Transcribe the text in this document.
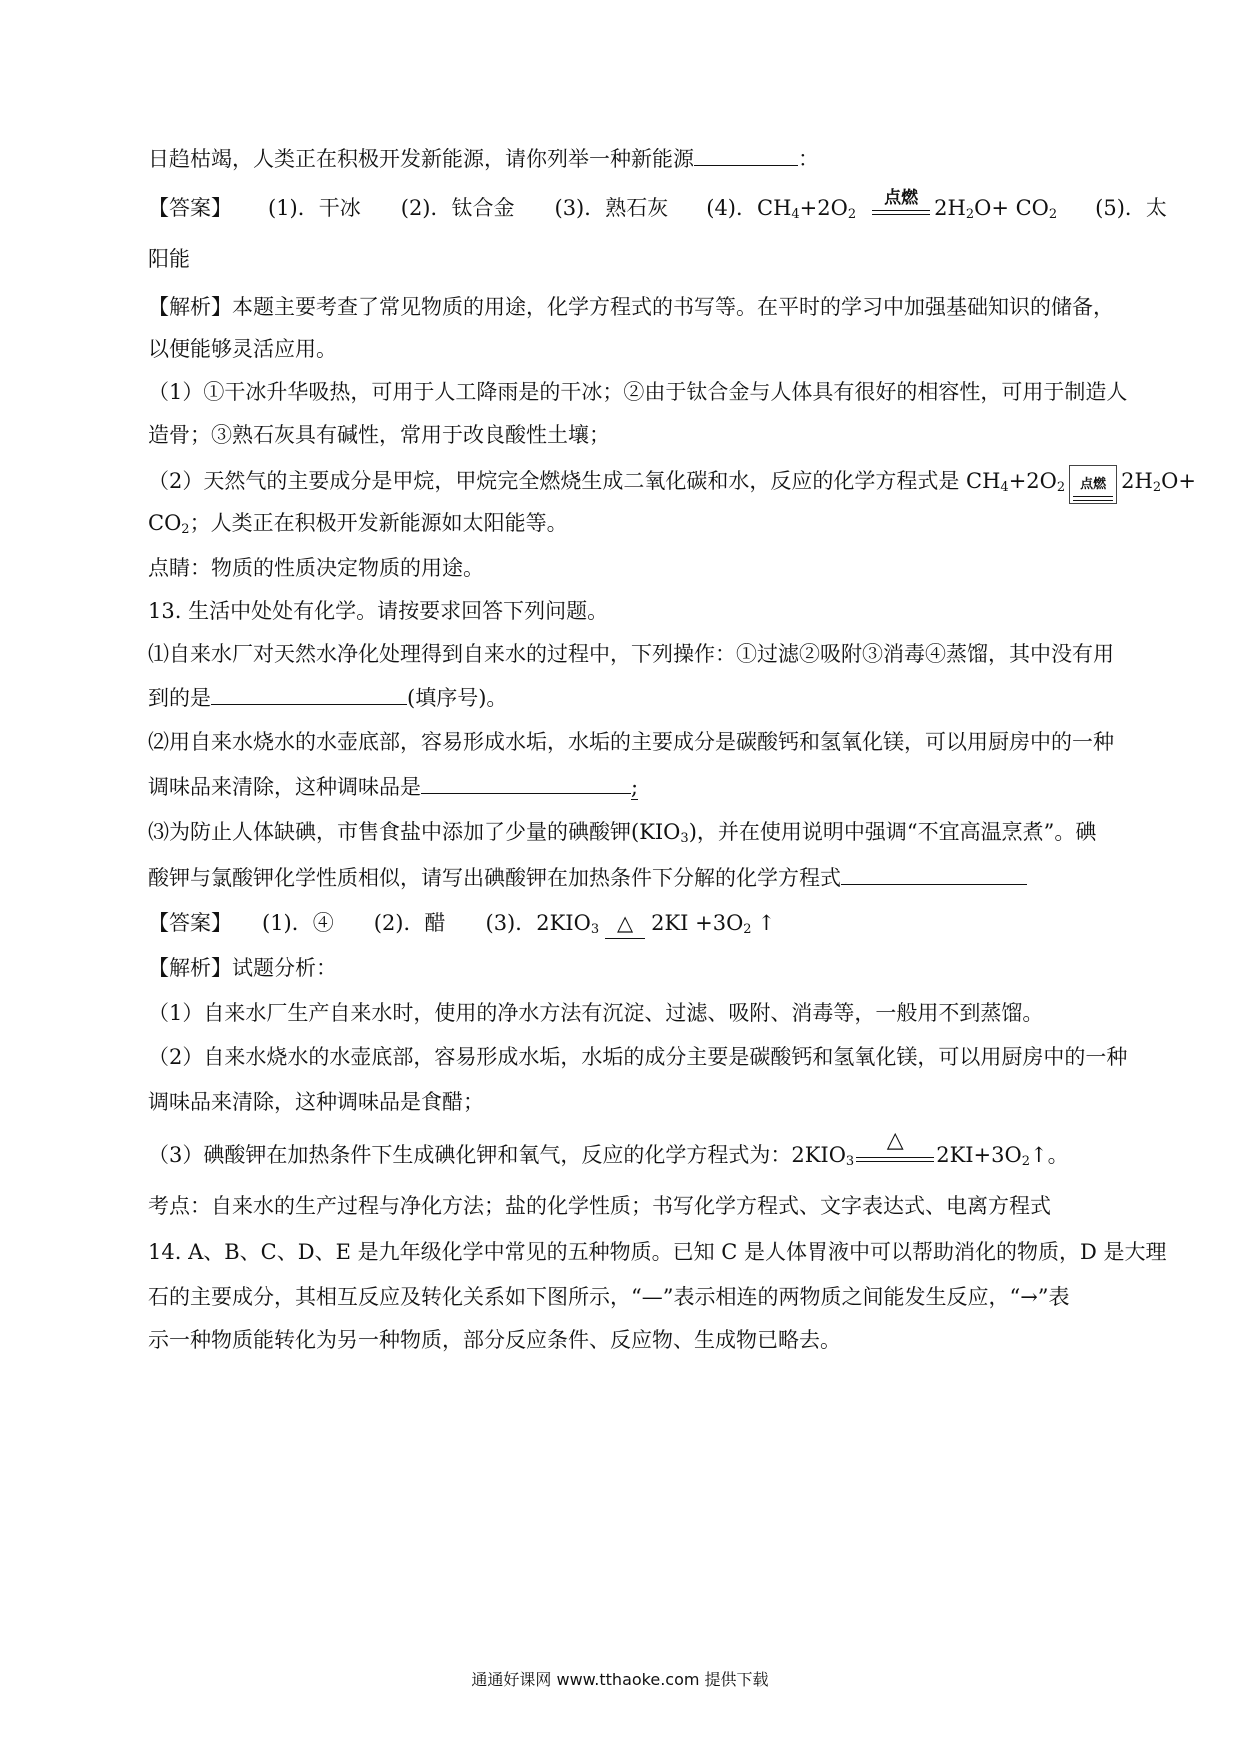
日趋枯竭，人类正在积极开发新能源，请你列举一种新能源	：
【答案】 (1)．干冰 (2)．钛合金 (3)．熟石灰 (4)．$CH_4+2O_2$
点燃 $2H_2O+ CO_2$ (5)．太
阳能
【解析】本题主要考查了常见物质的用途，化学方程式的书写等。在平时的学习中加强基础知识的储备，
以便能够灵活应用。
（1）①干冰升华吸热，可用于人工降雨是的干冰；②由于钛合金与人体具有很好的相容性，可用于制造人
造骨；③熟石灰具有碱性，常用于改良酸性土壤；
（2）天然气的主要成分是甲烷，甲烷完全燃烧生成二氧化碳和水，反应的化学方程式是 $CH_4+2O_2$ 点燃 $2H_2O+$
$CO_2$；人类正在积极开发新能源如太阳能等。
点睛：物质的性质决定物质的用途。
13. 生活中处处有化学。请按要求回答下列问题。
⑴自来水厂对天然水净化处理得到自来水的过程中，下列操作：①过滤②吸附③消毒④蒸馏，其中没有用
到的是	(填序号)。
⑵用自来水烧水的水壶底部，容易形成水垢，水垢的主要成分是碳酸钙和氢氧化镁，可以用厨房中的一种
调味品来清除，这种调味品是	;
⑶为防止人体缺碘，市售食盐中添加了少量的碘酸钾$(KIO_3)$，并在使用说明中强调“不宜高温烹煮”。碘
酸钾与氯酸钾化学性质相似，请写出碘酸钾在加热条件下分解的化学方程式
【答案】 (1)．④ (2)．醋 (3)．$2KIO_3$ △ $2KI +3O_2$ ↑
【解析】试题分析：
（1）自来水厂生产自来水时，使用的净水方法有沉淀、过滤、吸附、消毒等，一般用不到蒸馏。
（2）自来水烧水的水壶底部，容易形成水垢，水垢的成分主要是碳酸钙和氢氧化镁，可以用厨房中的一种
调味品来清除，这种调味品是食醋；
（3）碘酸钾在加热条件下生成碘化钾和氧气，反应的化学方程式为：$2KIO_3$
△
$2KI+3O_2↑$。
考点：自来水的生产过程与净化方法；盐的化学性质；书写化学方程式、文字表达式、电离方程式
14. A、B、C、D、E 是九年级化学中常见的五种物质。已知 C 是人体胃液中可以帮助消化的物质，D 是大理
石的主要成分，其相互反应及转化关系如下图所示，“—”表示相连的两物质之间能发生反应，“→”表
示一种物质能转化为另一种物质，部分反应条件、反应物、生成物已略去。
通通好课网 www.tthaoke.com 提供下载
